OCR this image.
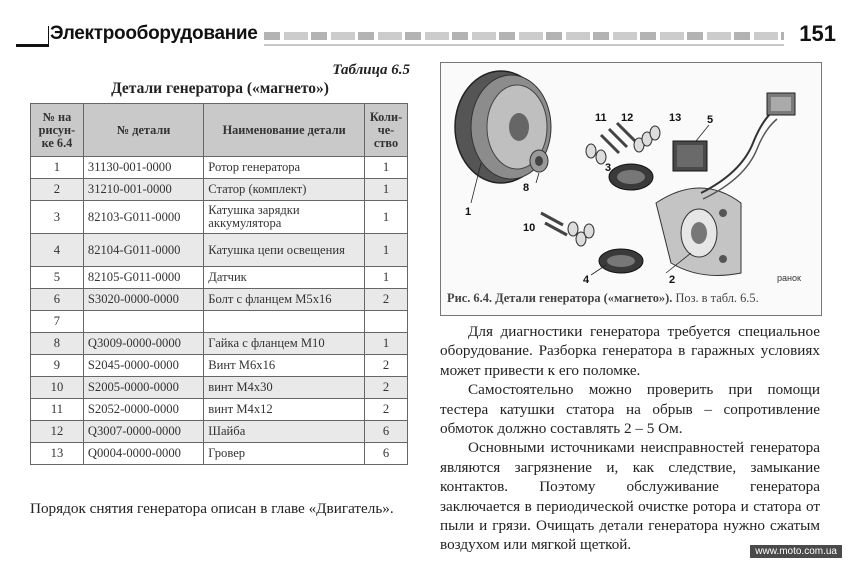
Электрооборудование	151
Таблица 6.5
Детали генератора («магнето»)
№ на
рисун-
ке 6.4	№ детали	Наименование детали	Коли-
че-
ство
1	31130-001-0000	Ротор генератора	1
2	31210-001-0000	Статор (комплект)	1
3	82103-G011-0000	Катушка зарядки аккумулятора	1
4	82104-G011-0000	Катушка цепи освещения	1
5	82105-G011-0000	Датчик	1
6	S3020-0000-0000	Болт с фланцем М5х16	2
7			
8	Q3009-0000-0000	Гайка с фланцем М10	1
9	S2045-0000-0000	Винт М6х16	2
10	S2005-0000-0000	винт М4х30	2
11	S2052-0000-0000	винт М4х12	2
12	Q3007-0000-0000	Шайба	6
13	Q0004-0000-0000	Гровер	6
Порядок снятия генератора описан в главе «Двигатель».
1
2
3
4
5
8
10
11 12	13
ранок
Рис. 6.4. Детали генератора («магнето»). Поз. в табл. 6.5.

Для диагностики генератора требуется специальное оборудование. Разборка генератора в гаражных условиях может привести к его поломке.

Самостоятельно можно проверить при помощи тестера катушки статора на обрыв – сопротивление обмоток должно составлять 2 – 5 Ом.

Основными источниками неисправностей генератора являются загрязнение и, как следствие, замыкание контактов. Поэтому обслуживание генератора заключается в периодической очистке ротора и статора от пыли и грязи. Очищать детали генератора нужно сжатым воздухом или мягкой щеткой.	www.moto.com.ua
